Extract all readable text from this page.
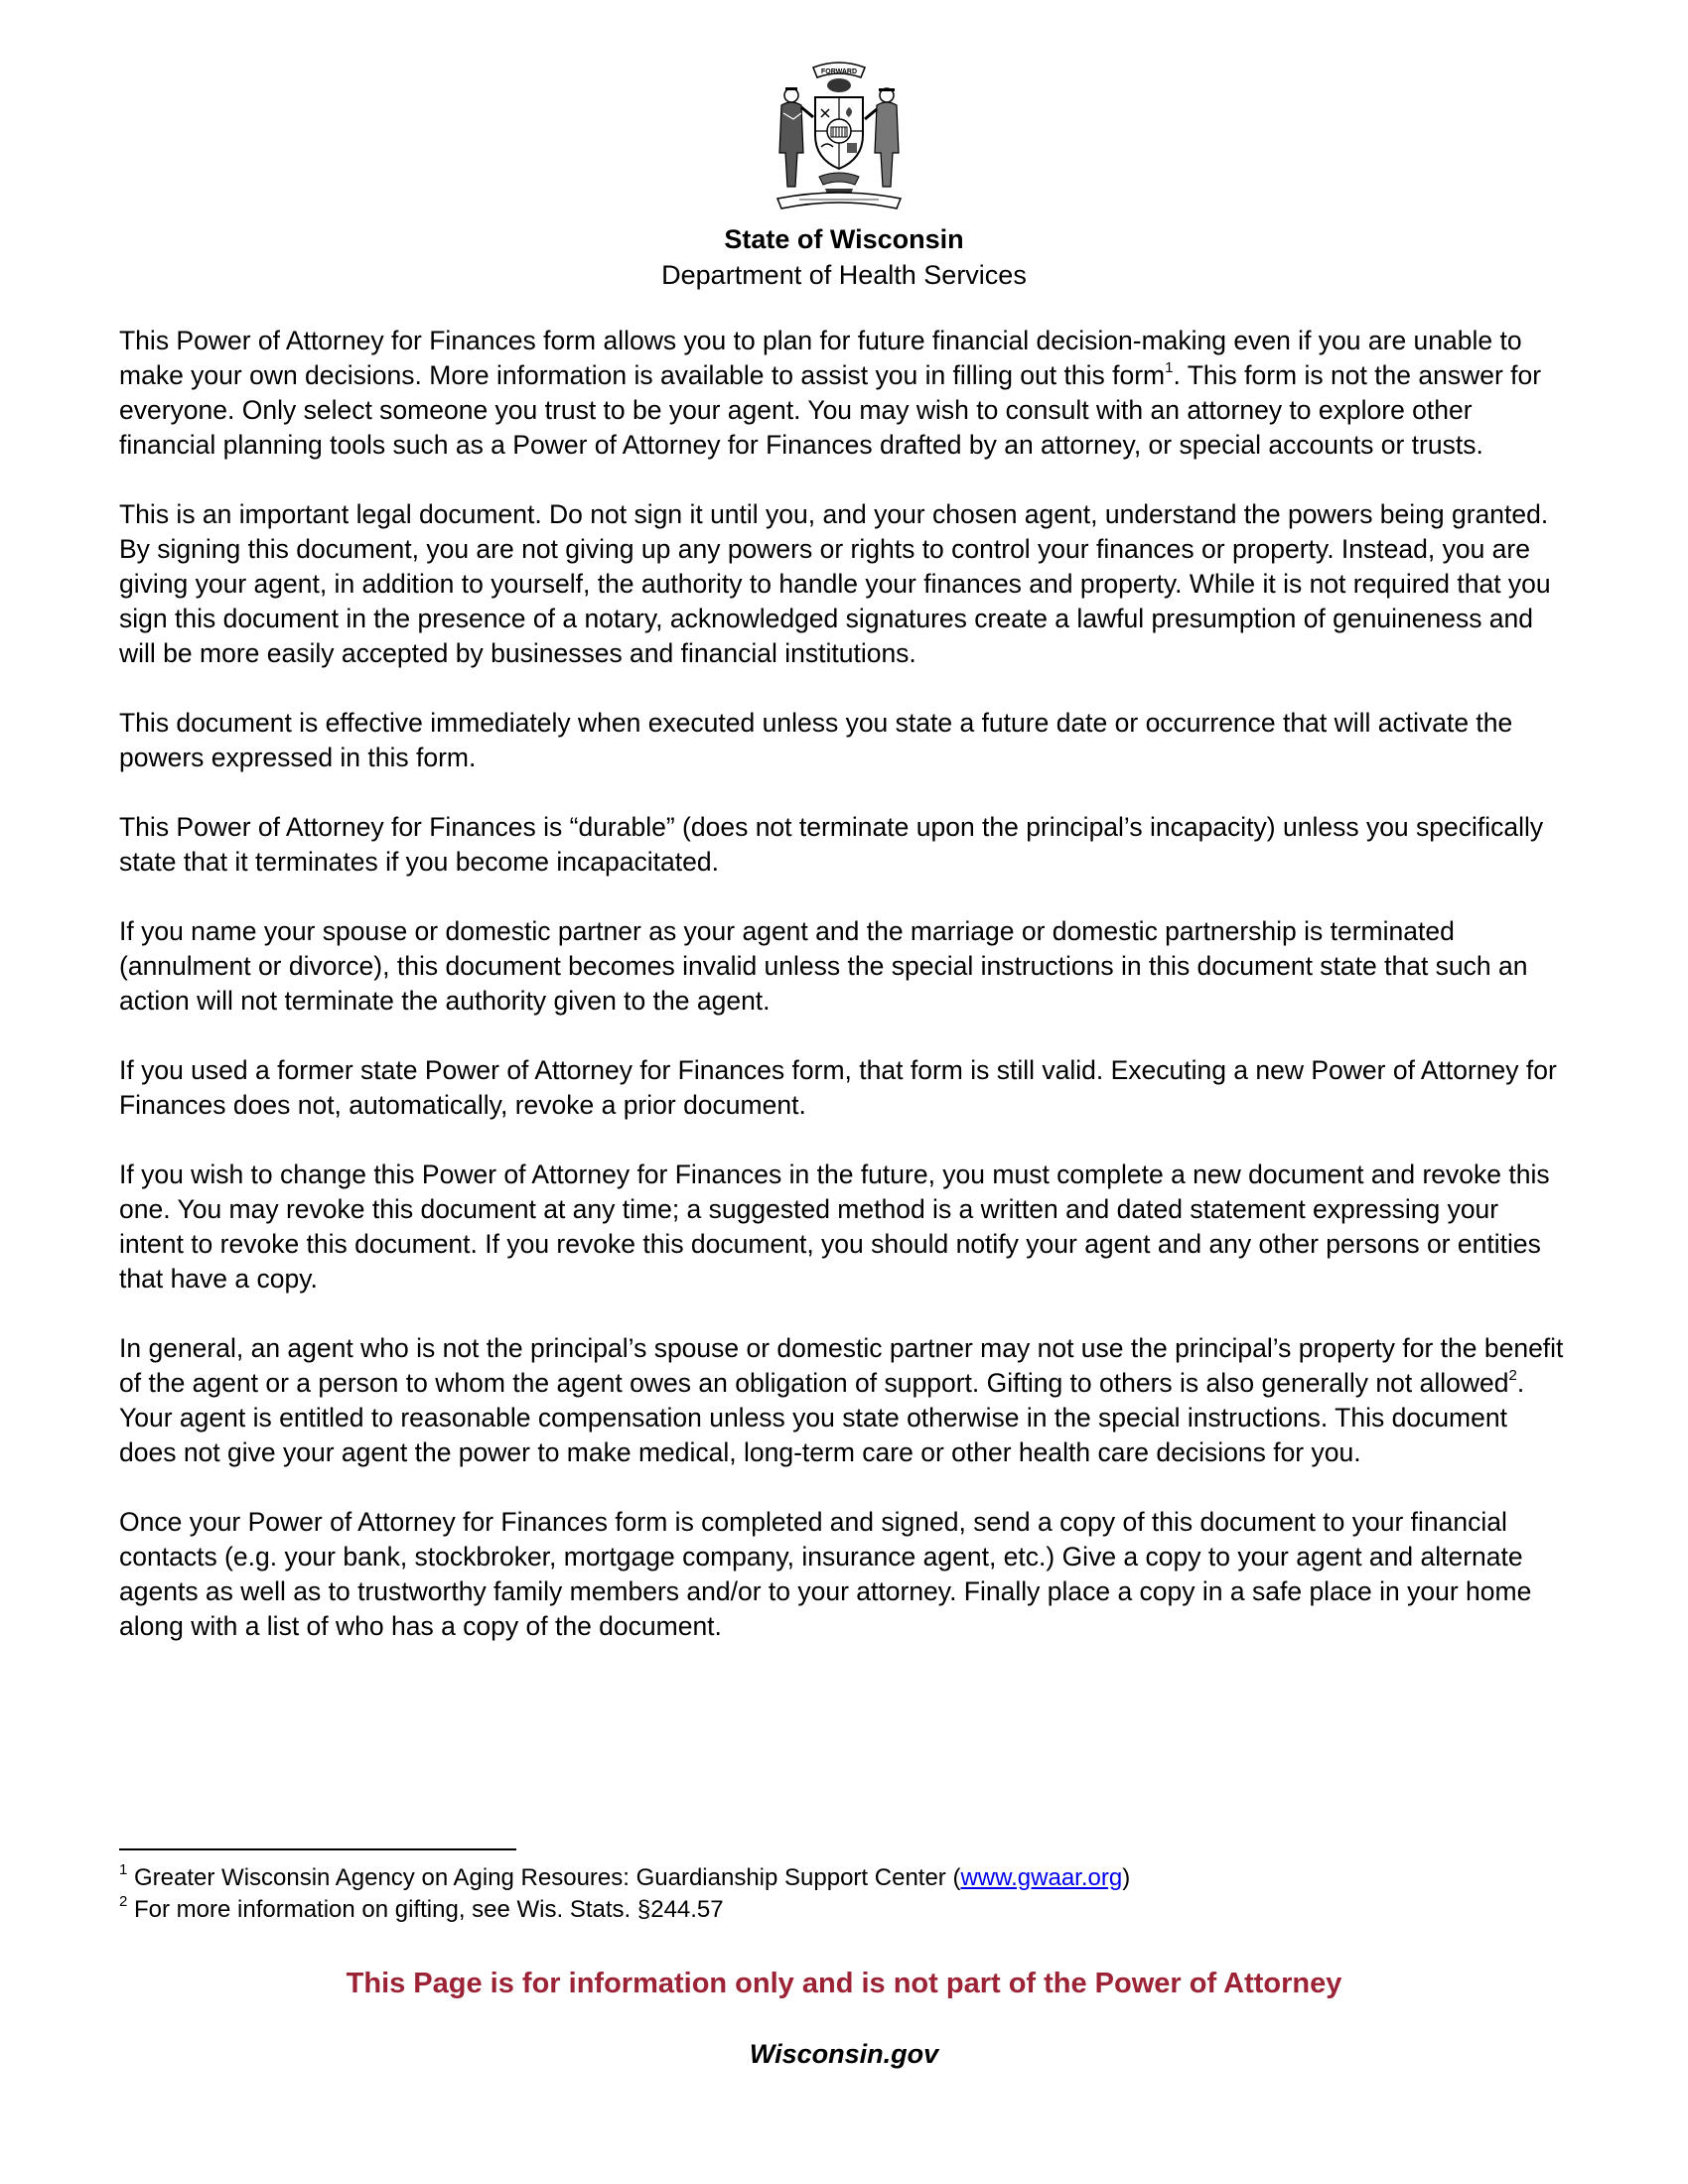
FORWARD
State of Wisconsin
Department of Health Services

This Power of Attorney for Finances form allows you to plan for future financial decision-making even if you are unable to make your own decisions. More information is available to assist you in filling out this form$^1$. This form is not the answer for everyone. Only select someone you trust to be your agent. You may wish to consult with an attorney to explore other financial planning tools such as a Power of Attorney for Finances drafted by an attorney, or special accounts or trusts.

This is an important legal document. Do not sign it until you, and your chosen agent, understand the powers being granted. By signing this document, you are not giving up any powers or rights to control your finances or property. Instead, you are giving your agent, in addition to yourself, the authority to handle your finances and property. While it is not required that you sign this document in the presence of a notary, acknowledged signatures create a lawful presumption of genuineness and will be more easily accepted by businesses and financial institutions.

This document is effective immediately when executed unless you state a future date or occurrence that will activate the powers expressed in this form.

This Power of Attorney for Finances is “durable” (does not terminate upon the principal’s incapacity) unless you specifically state that it terminates if you become incapacitated.

If you name your spouse or domestic partner as your agent and the marriage or domestic partnership is terminated (annulment or divorce), this document becomes invalid unless the special instructions in this document state that such an action will not terminate the authority given to the agent.

If you used a former state Power of Attorney for Finances form, that form is still valid. Executing a new Power of Attorney for Finances does not, automatically, revoke a prior document.

If you wish to change this Power of Attorney for Finances in the future, you must complete a new document and revoke this one. You may revoke this document at any time; a suggested method is a written and dated statement expressing your intent to revoke this document. If you revoke this document, you should notify your agent and any other persons or entities that have a copy.

In general, an agent who is not the principal’s spouse or domestic partner may not use the principal’s property for the benefit of the agent or a person to whom the agent owes an obligation of support. Gifting to others is also generally not allowed$^2$.

Your agent is entitled to reasonable compensation unless you state otherwise in the special instructions. This document does not give your agent the power to make medical, long-term care or other health care decisions for you.

Once your Power of Attorney for Finances form is completed and signed, send a copy of this document to your financial contacts (e.g. your bank, stockbroker, mortgage company, insurance agent, etc.) Give a copy to your agent and alternate agents as well as to trustworthy family members and/or to your attorney. Finally place a copy in a safe place in your home along with a list of who has a copy of the document.

$^1$ Greater Wisconsin Agency on Aging Resoures: Guardianship Support Center (www.gwaar.org)
$^2$ For more information on gifting, see Wis. Stats. §244.57
This Page is for information only and is not part of the Power of Attorney
Wisconsin.gov
